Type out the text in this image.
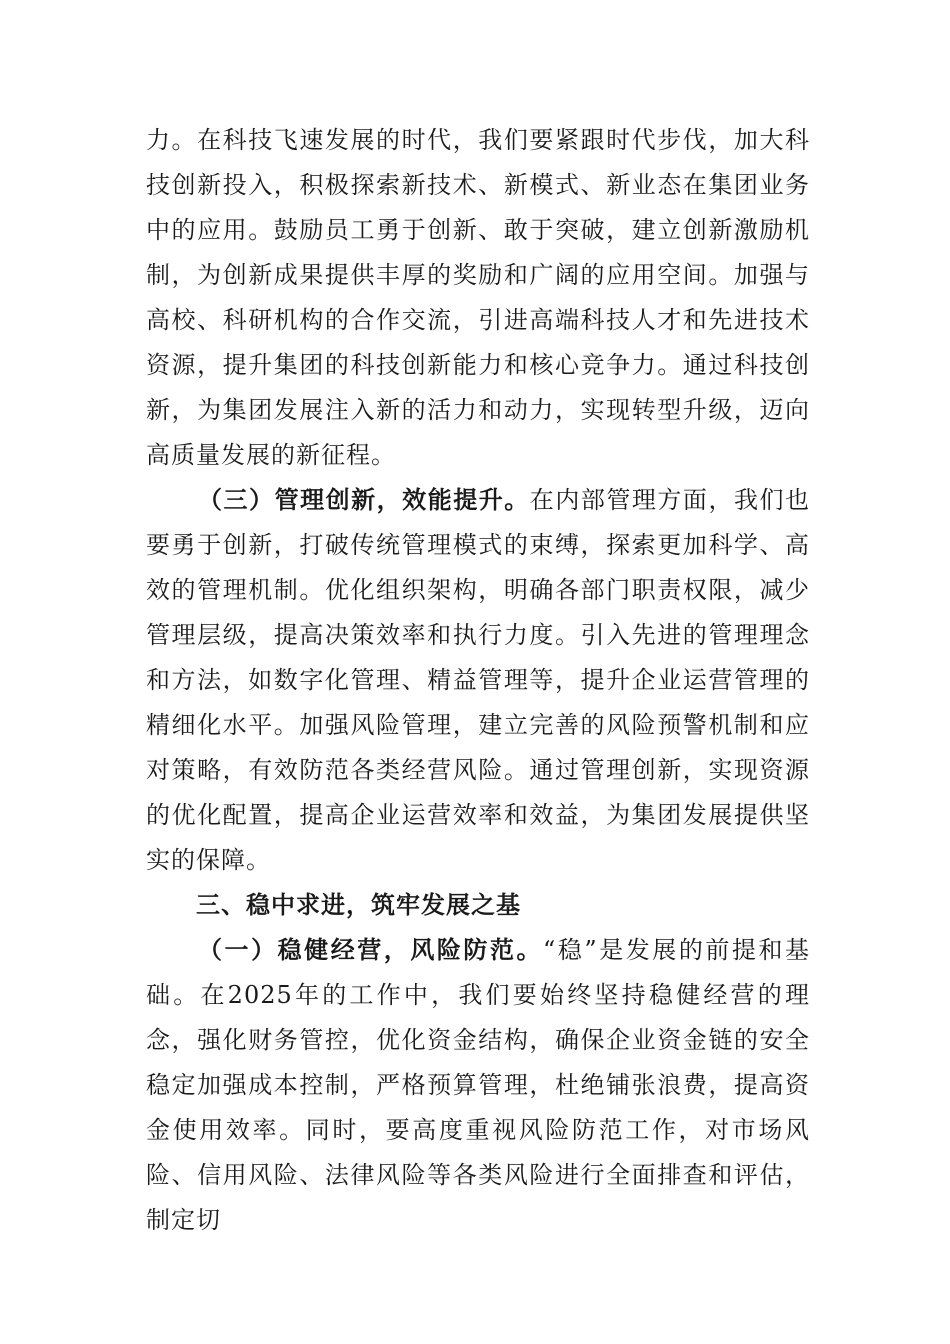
力。在科技飞速发展的时代，我们要紧跟时代步伐，加大科技创新投入，积极探索新技术、新模式、新业态在集团业务中的应用。鼓励员工勇于创新、敢于突破，建立创新激励机制，为创新成果提供丰厚的奖励和广阔的应用空间。加强与高校、科研机构的合作交流，引进高端科技人才和先进技术资源，提升集团的科技创新能力和核心竞争力。通过科技创新，为集团发展注入新的活力和动力，实现转型升级，迈向高质量发展的新征程。

（三）管理创新，效能提升。在内部管理方面，我们也要勇于创新，打破传统管理模式的束缚，探索更加科学、高效的管理机制。优化组织架构，明确各部门职责权限，减少管理层级，提高决策效率和执行力度。引入先进的管理理念和方法，如数字化管理、精益管理等，提升企业运营管理的精细化水平。加强风险管理，建立完善的风险预警机制和应对策略，有效防范各类经营风险。通过管理创新，实现资源的优化配置，提高企业运营效率和效益，为集团发展提供坚实的保障。

三、稳中求进，筑牢发展之基

（一）稳健经营，风险防范。“稳”是发展的前提和基础。在2025年的工作中，我们要始终坚持稳健经营的理念，强化财务管控，优化资金结构，确保企业资金链的安全稳定加强成本控制，严格预算管理，杜绝铺张浪费，提高资金使用效率。同时，要高度重视风险防范工作，对市场风险、信用风险、法律风险等各类风险进行全面排查和评估，制定切
